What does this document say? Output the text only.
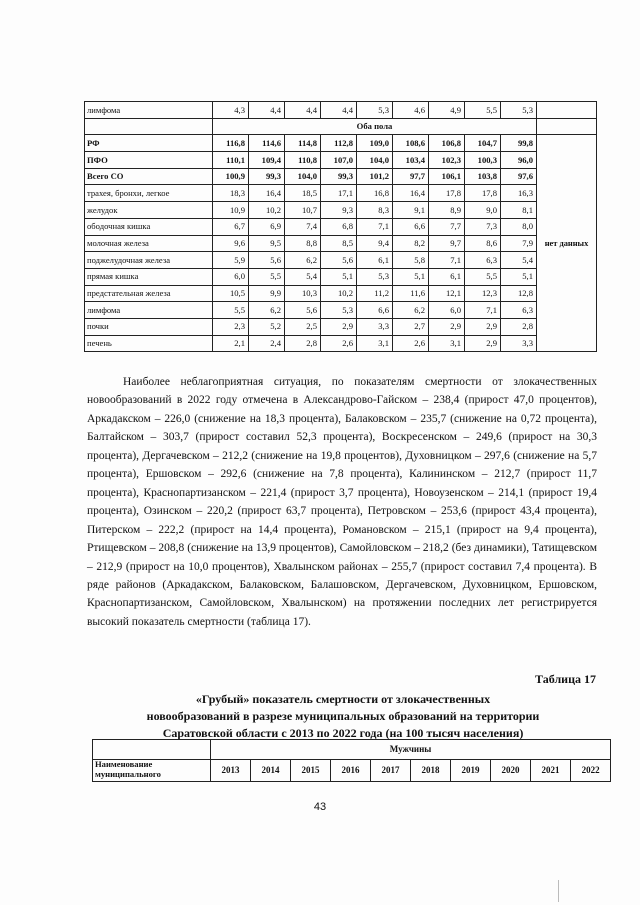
лимфома	4,3	4,4	4,4	4,4	5,3	4,6	4,9	5,5	5,3	
	Оба пола									
РФ	116,8	114,6	114,8	112,8	109,0	108,6	106,8	104,7	99,8	нет данных
ПФО	110,1	109,4	110,8	107,0	104,0	103,4	102,3	100,3	96,0	
Всего СО	100,9	99,3	104,0	99,3	101,2	97,7	106,1	103,8	97,6	
трахея, бронхи, легкое	18,3	16,4	18,5	17,1	16,8	16,4	17,8	17,8	16,3	
желудок	10,9	10,2	10,7	9,3	8,3	9,1	8,9	9,0	8,1	
ободочная кишка	6,7	6,9	7,4	6,8	7,1	6,6	7,7	7,3	8,0	
молочная железа	9,6	9,5	8,8	8,5	9,4	8,2	9,7	8,6	7,9	
поджелудочная железа	5,9	5,6	6,2	5,6	6,1	5,8	7,1	6,3	5,4	
прямая кишка	6,0	5,5	5,4	5,1	5,3	5,1	6,1	5,5	5,1	
предстательная железа	10,5	9,9	10,3	10,2	11,2	11,6	12,1	12,3	12,8	
лимфома	5,5	6,2	5,6	5,3	6,6	6,2	6,0	7,1	6,3	
почки	2,3	5,2	2,5	2,9	3,3	2,7	2,9	2,9	2,8	
печень	2,1	2,4	2,8	2,6	3,1	2,6	3,1	2,9	3,3	

Наиболее неблагоприятная ситуация, по показателям смертности от злокачественных новообразований в 2022 году отмечена в Александрово-Гайском – 238,4 (прирост 47,0 процентов), Аркадакском – 226,0 (снижение на 18,3 процента), Балаковском – 235,7 (снижение на 0,72 процента), Балтайском – 303,7 (прирост составил 52,3 процента), Воскресенском – 249,6 (прирост на 30,3 процента), Дергачевском – 212,2 (снижение на 19,8 процентов), Духовницком – 297,6 (снижение на 5,7 процента), Ершовском – 292,6 (снижение на 7,8 процента), Калининском – 212,7 (прирост 11,7 процента), Краснопартизанском – 221,4 (прирост 3,7 процента), Новоузенском – 214,1 (прирост 19,4 процента), Озинском – 220,2 (прирост 63,7 процента), Петровском – 253,6 (прирост 43,4 процента), Питерском – 222,2 (прирост на 14,4 процента), Романовском – 215,1 (прирост на 9,4 процента), Ртищевском – 208,8 (снижение на 13,9 процентов), Самойловском – 218,2 (без динамики), Татищевском – 212,9 (прирост на 10,0 процентов), Хвалынском районах – 255,7 (прирост составил 7,4 процента). В ряде районов (Аркадакском, Балаковском, Балашовском, Дергачевском, Духовницком, Ершовском, Краснопартизанском, Самойловском, Хвалынском) на протяжении последних лет регистрируется высокий показатель смертности (таблица 17).

Таблица 17
«Грубый» показатель смертности от злокачественных
новообразований в разрезе муниципальных образований на территории
Саратовской области с 2013 по 2022 года (на 100 тысяч населения)
	Мужчины									
Наименование муниципального	2013	2014	2015	2016	2017	2018	2019	2020	2021	2022
43
